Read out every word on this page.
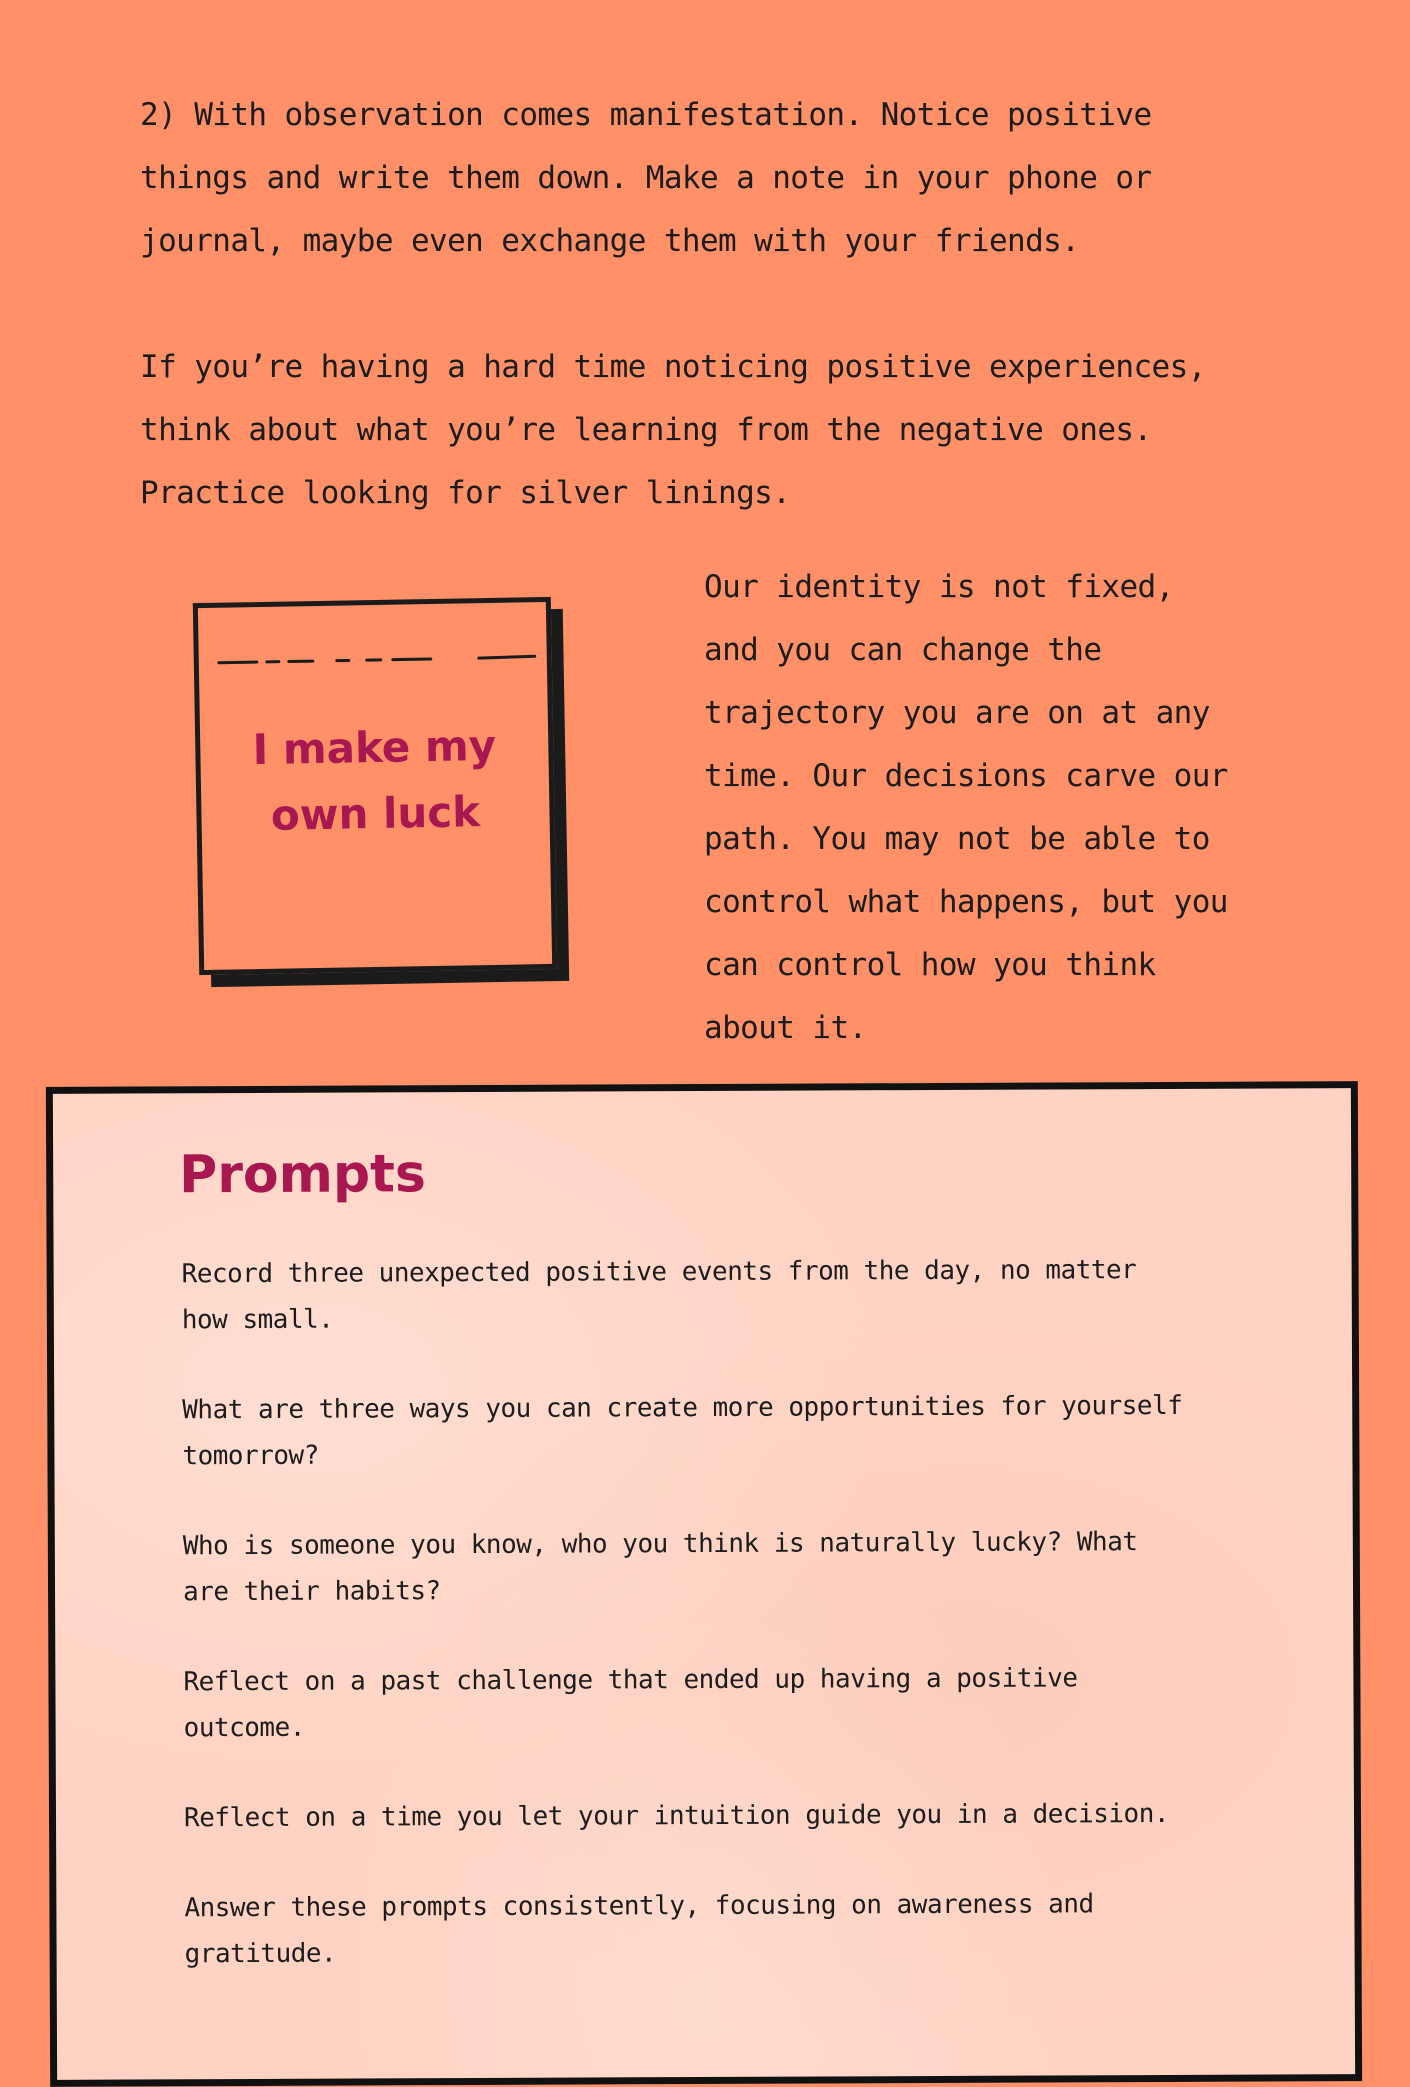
2) With observation comes manifestation. Notice positive
things and write them down. Make a note in your phone or
journal, maybe even exchange them with your friends.

If you’re having a hard time noticing positive experiences,
think about what you’re learning from the negative ones.
Practice looking for silver linings.

I make my
own luck

Our identity is not fixed,
and you can change the
trajectory you are on at any
time. Our decisions carve our
path. You may not be able to
control what happens, but you
can control how you think
about it.

Prompts

Record three unexpected positive events from the day, no matter
how small.

What are three ways you can create more opportunities for yourself
tomorrow?

Who is someone you know, who you think is naturally lucky? What
are their habits?

Reflect on a past challenge that ended up having a positive
outcome.

Reflect on a time you let your intuition guide you in a decision.

Answer these prompts consistently, focusing on awareness and
gratitude.
